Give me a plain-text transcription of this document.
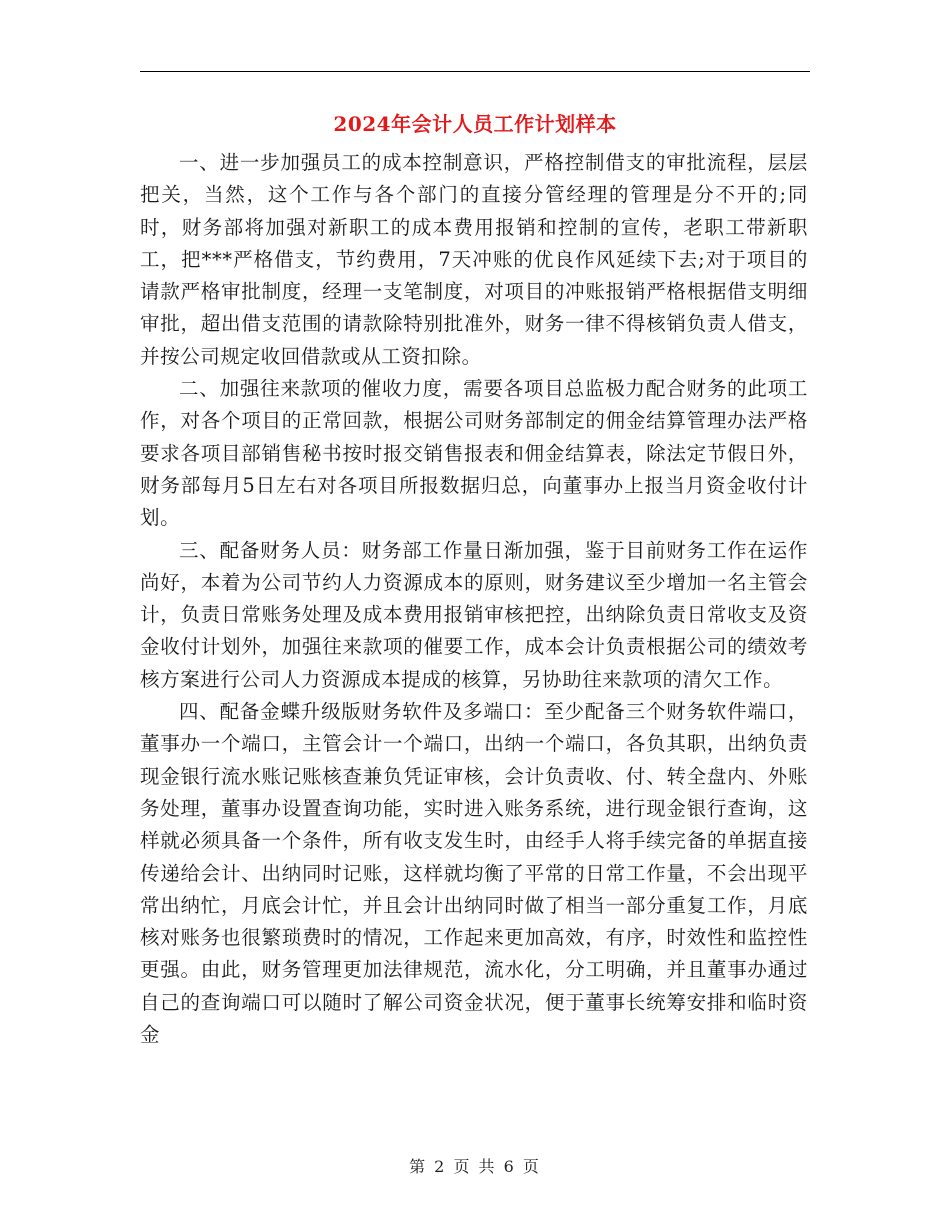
2024年会计人员工作计划样本

一、进一步加强员工的成本控制意识，严格控制借支的审批流程，层层把关，当然，这个工作与各个部门的直接分管经理的管理是分不开的;同时，财务部将加强对新职工的成本费用报销和控制的宣传，老职工带新职工，把***严格借支，节约费用，7天冲账的优良作风延续下去;对于项目的请款严格审批制度，经理一支笔制度，对项目的冲账报销严格根据借支明细审批，超出借支范围的请款除特别批准外，财务一律不得核销负责人借支，并按公司规定收回借款或从工资扣除。

二、加强往来款项的催收力度，需要各项目总监极力配合财务的此项工作，对各个项目的正常回款，根据公司财务部制定的佣金结算管理办法严格要求各项目部销售秘书按时报交销售报表和佣金结算表，除法定节假日外，财务部每月5日左右对各项目所报数据归总，向董事办上报当月资金收付计划。

三、配备财务人员：财务部工作量日渐加强，鉴于目前财务工作在运作尚好，本着为公司节约人力资源成本的原则，财务建议至少增加一名主管会计，负责日常账务处理及成本费用报销审核把控，出纳除负责日常收支及资金收付计划外，加强往来款项的催要工作，成本会计负责根据公司的绩效考核方案进行公司人力资源成本提成的核算，另协助往来款项的清欠工作。

四、配备金蝶升级版财务软件及多端口：至少配备三个财务软件端口，董事办一个端口，主管会计一个端口，出纳一个端口，各负其职，出纳负责现金银行流水账记账核查兼负凭证审核，会计负责收、付、转全盘内、外账务处理，董事办设置查询功能，实时进入账务系统，进行现金银行查询，这样就必须具备一个条件，所有收支发生时，由经手人将手续完备的单据直接传递给会计、出纳同时记账，这样就均衡了平常的日常工作量，不会出现平常出纳忙，月底会计忙，并且会计出纳同时做了相当一部分重复工作，月底核对账务也很繁琐费时的情况，工作起来更加高效，有序，时效性和监控性更强。由此，财务管理更加法律规范，流水化，分工明确，并且董事办通过自己的查询端口可以随时了解公司资金状况，便于董事长统筹安排和临时资金

第 2 页 共 6 页
